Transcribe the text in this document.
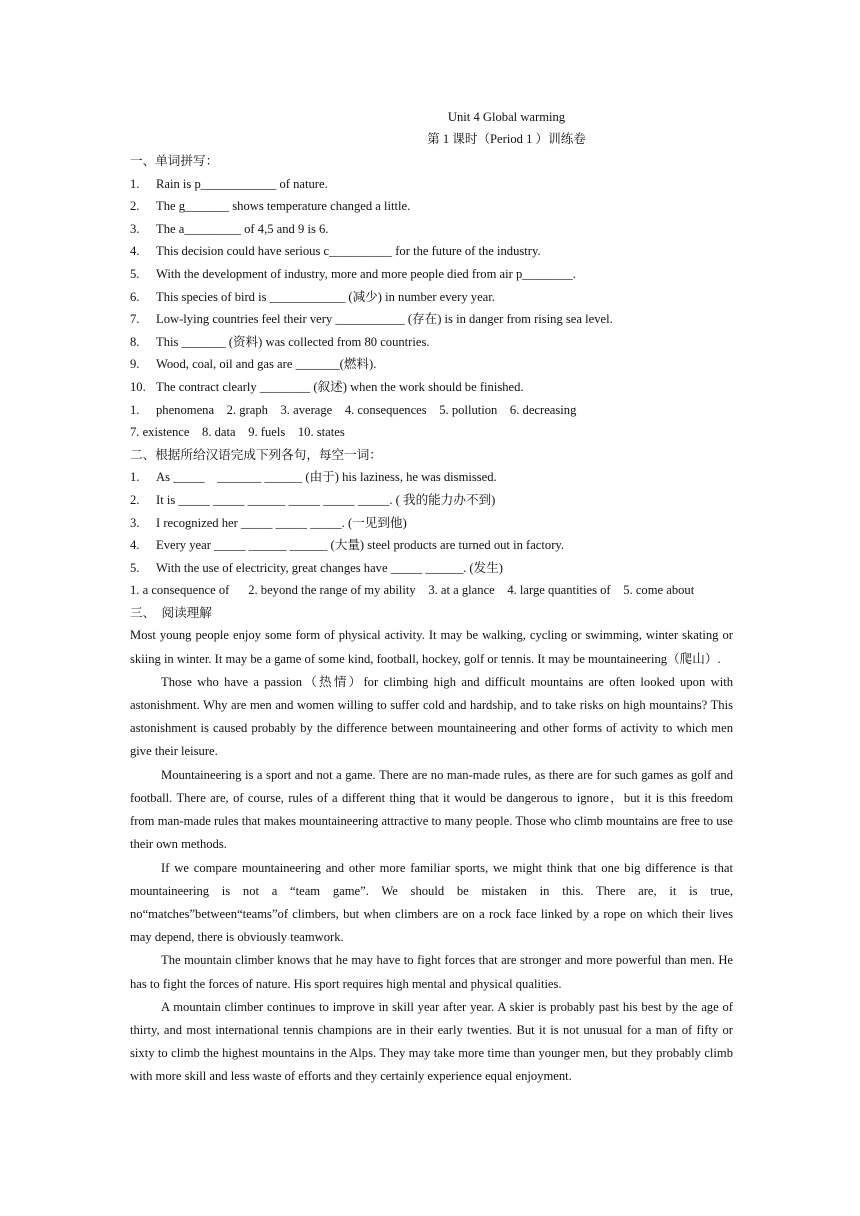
Unit 4 Global warming
第 1 课时（Period 1 ）训练卷
一、单词拼写：
1. Rain is p____________ of nature.
2. The g_______ shows temperature changed a little.
3. The a_________ of 4,5 and 9 is 6.
4. This decision could have serious c__________ for the future of the industry.
5. With the development of industry, more and more people died from air p________.
6. This species of bird is ____________ (减少) in number every year.
7. Low-lying countries feel their very ___________ (存在) is in danger from rising sea level.
8. This _______ (资料) was collected from 80 countries.
9. Wood, coal, oil and gas are _______(燃料).
10. The contract clearly ________ (叙述) when the work should be finished.
1. phenomena    2. graph    3. average    4. consequences    5. pollution    6. decreasing
7. existence    8. data    9. fuels    10. states
二、根据所给汉语完成下列各句，每空一词：
1. As _____    _______ ______ (由于) his laziness, he was dismissed.
2. It is _____ _____ ______ _____ _____ _____. ( 我的能力办不到)
3. I recognized her _____ _____ _____. (一见到他)
4. Every year _____ ______ ______ (大量) steel products are turned out in factory.
5. With the use of electricity, great changes have _____ ______. (发生)
1. a consequence of      2. beyond the range of my ability    3. at a glance    4. large quantities of    5. come about
三、  阅读理解

Most young people enjoy some form of physical activity. It may be walking, cycling or swimming, winter skating or skiing in winter. It may be a game of some kind, football, hockey, golf or tennis. It may be mountaineering（爬山）.

Those who have a passion（热情）for climbing high and difficult mountains are often looked upon with astonishment. Why are men and women willing to suffer cold and hardship, and to take risks on high mountains? This astonishment is caused probably by the difference between mountaineering and other forms of activity to which men give their leisure.

Mountaineering is a sport and not a game. There are no man-made rules, as there are for such games as golf and football. There are, of course, rules of a different thing that it would be dangerous to ignore，but it is this freedom from man-made rules that makes mountaineering attractive to many people. Those who climb mountains are free to use their own methods.

If we compare mountaineering and other more familiar sports, we might think that one big difference is that mountaineering is not a “team game”. We should be mistaken in this. There are, it is true, no“matches”between“teams”of climbers, but when climbers are on a rock face linked by a rope on which their lives may depend, there is obviously teamwork.

The mountain climber knows that he may have to fight forces that are stronger and more powerful than men. He has to fight the forces of nature. His sport requires high mental and physical qualities.

A mountain climber continues to improve in skill year after year. A skier is probably past his best by the age of thirty, and most international tennis champions are in their early twenties. But it is not unusual for a man of fifty or sixty to climb the highest mountains in the Alps. They may take more time than younger men, but they probably climb with more skill and less waste of efforts and they certainly experience equal enjoyment.
